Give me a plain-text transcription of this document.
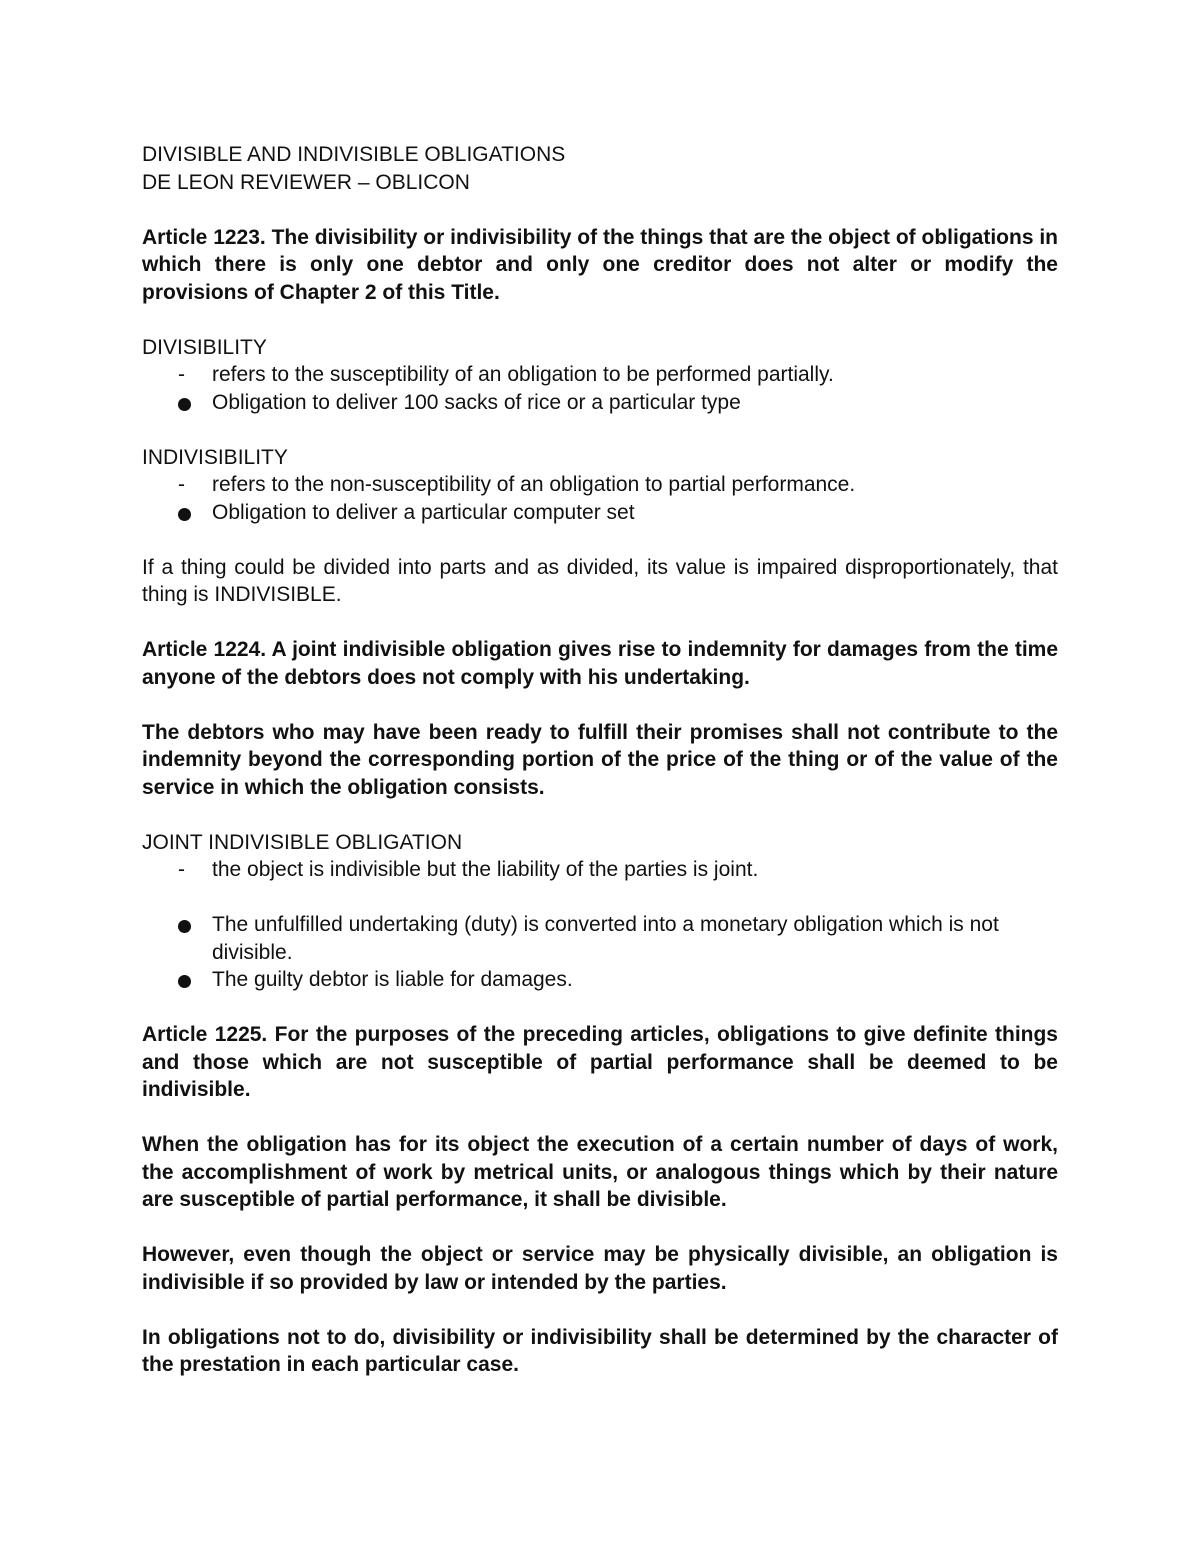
DIVISIBLE AND INDIVISIBLE OBLIGATIONS

DE LEON REVIEWER – OBLICON

Article 1223. The divisibility or indivisibility of the things that are the object of obligations in which there is only one debtor and only one creditor does not alter or modify the provisions of Chapter 2 of this Title.

DIVISIBILITY

- refers to the susceptibility of an obligation to be performed partially.

Obligation to deliver 100 sacks of rice or a particular type

INDIVISIBILITY

- refers to the non-susceptibility of an obligation to partial performance.

Obligation to deliver a particular computer set

If a thing could be divided into parts and as divided, its value is impaired disproportionately, that thing is INDIVISIBLE.

Article 1224. A joint indivisible obligation gives rise to indemnity for damages from the time anyone of the debtors does not comply with his undertaking.

The debtors who may have been ready to fulfill their promises shall not contribute to the indemnity beyond the corresponding portion of the price of the thing or of the value of the service in which the obligation consists.

JOINT INDIVISIBLE OBLIGATION

- the object is indivisible but the liability of the parties is joint.

The unfulfilled undertaking (duty) is converted into a monetary obligation which is not divisible.

The guilty debtor is liable for damages.

Article 1225. For the purposes of the preceding articles, obligations to give definite things and those which are not susceptible of partial performance shall be deemed to be indivisible.

When the obligation has for its object the execution of a certain number of days of work, the accomplishment of work by metrical units, or analogous things which by their nature are susceptible of partial performance, it shall be divisible.

However, even though the object or service may be physically divisible, an obligation is indivisible if so provided by law or intended by the parties.

In obligations not to do, divisibility or indivisibility shall be determined by the character of the prestation in each particular case.
